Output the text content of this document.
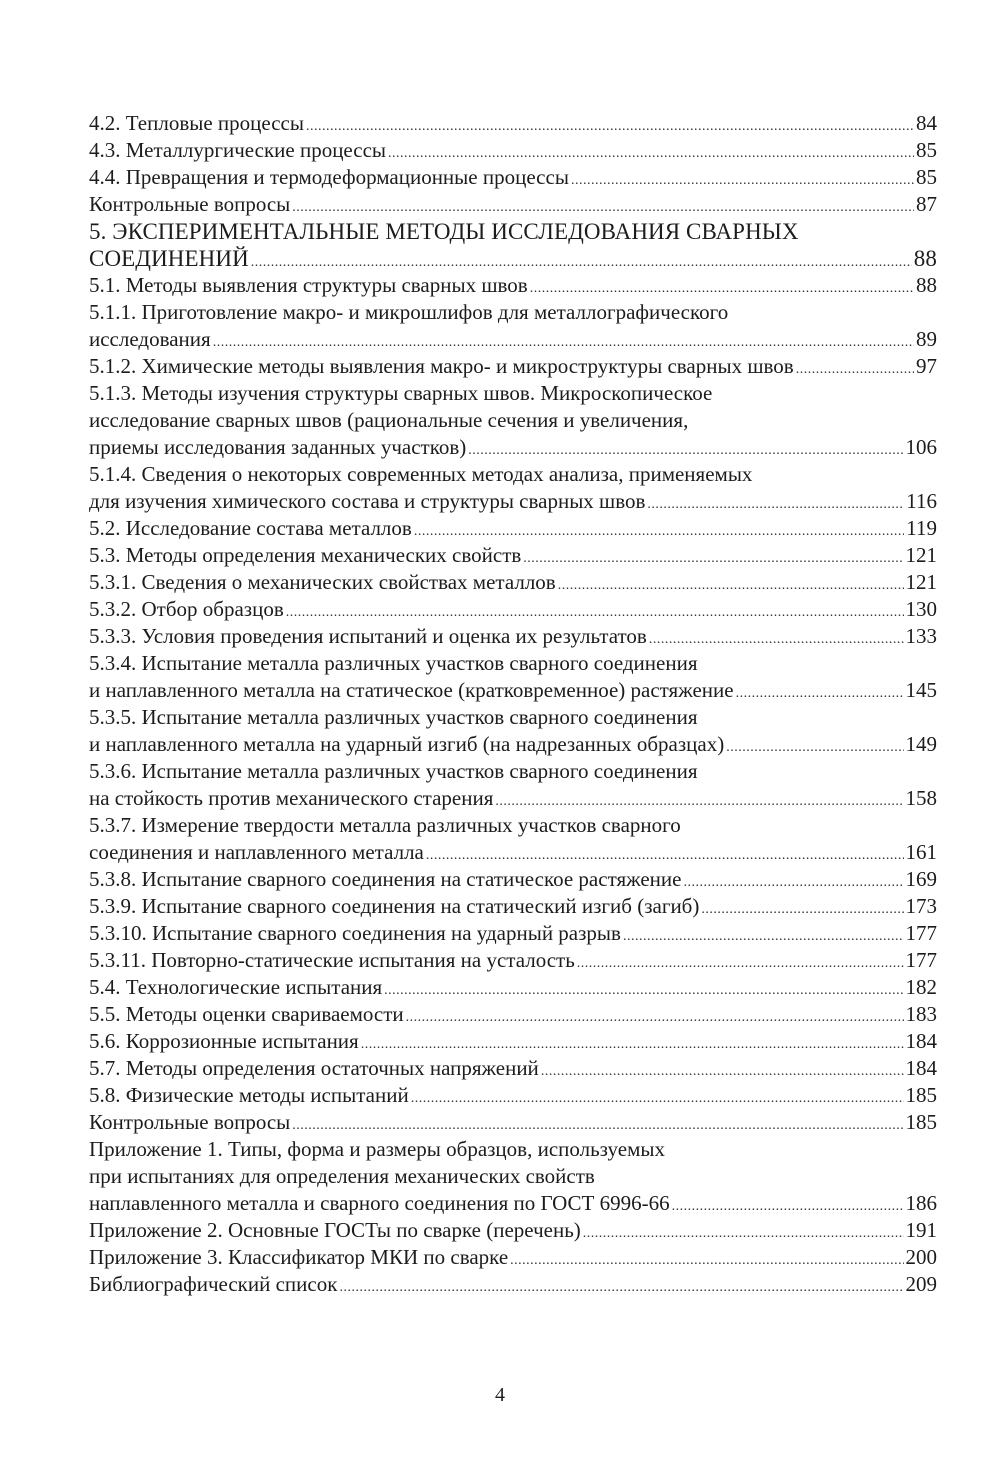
4.2. Тепловые процессы .....	84
4.3. Металлургические процессы .....	85
4.4. Превращения и термодеформационные процессы .....	85
Контрольные вопросы .....	87
5. ЭКСПЕРИМЕНТАЛЬНЫЕ МЕТОДЫ ИССЛЕДОВАНИЯ СВАРНЫХ
СОЕДИНЕНИЙ .....	88
5.1. Методы выявления структуры сварных швов .....	88
5.1.1. Приготовление макро- и микрошлифов для металлографического
исследования .....	89
5.1.2. Химические методы выявления макро- и микроструктуры сварных швов .....	97
5.1.3. Методы изучения структуры сварных швов. Микроскопическое
исследование сварных швов (рациональные сечения и увеличения,
приемы исследования заданных участков) .....	106
5.1.4. Сведения о некоторых современных методах анализа, применяемых
для изучения химического состава и структуры сварных швов .....	116
5.2. Исследование состава металлов .....	119
5.3. Методы определения механических свойств .....	121
5.3.1. Сведения о механических свойствах металлов .....	121
5.3.2. Отбор образцов .....	130
5.3.3. Условия проведения испытаний и оценка их результатов .....	133
5.3.4. Испытание металла различных участков сварного соединения
и наплавленного металла на статическое (кратковременное) растяжение .....	145
5.3.5. Испытание металла различных участков сварного соединения
и наплавленного металла на ударный изгиб (на надрезанных образцах) .....	149
5.3.6. Испытание металла различных участков сварного соединения
на стойкость против механического старения .....	158
5.3.7. Измерение твердости металла различных участков сварного
соединения и наплавленного металла .....	161
5.3.8. Испытание сварного соединения на статическое растяжение .....	169
5.3.9. Испытание сварного соединения на статический изгиб (загиб) .....	173
5.3.10. Испытание сварного соединения на ударный разрыв .....	177
5.3.11. Повторно-статические испытания на усталость .....	177
5.4. Технологические испытания .....	182
5.5. Методы оценки свариваемости .....	183
5.6. Коррозионные испытания .....	184
5.7. Методы определения остаточных напряжений .....	184
5.8. Физические методы испытаний .....	185
Контрольные вопросы .....	185
Приложение 1. Типы, форма и размеры образцов, используемых
при испытаниях для определения механических свойств
наплавленного металла и сварного соединения по ГОСТ 6996-66 .....	186
Приложение 2. Основные ГОСТы по сварке (перечень) .....	191
Приложение 3. Классификатор МКИ по сварке .....	200
Библиографический список .....	209
4
